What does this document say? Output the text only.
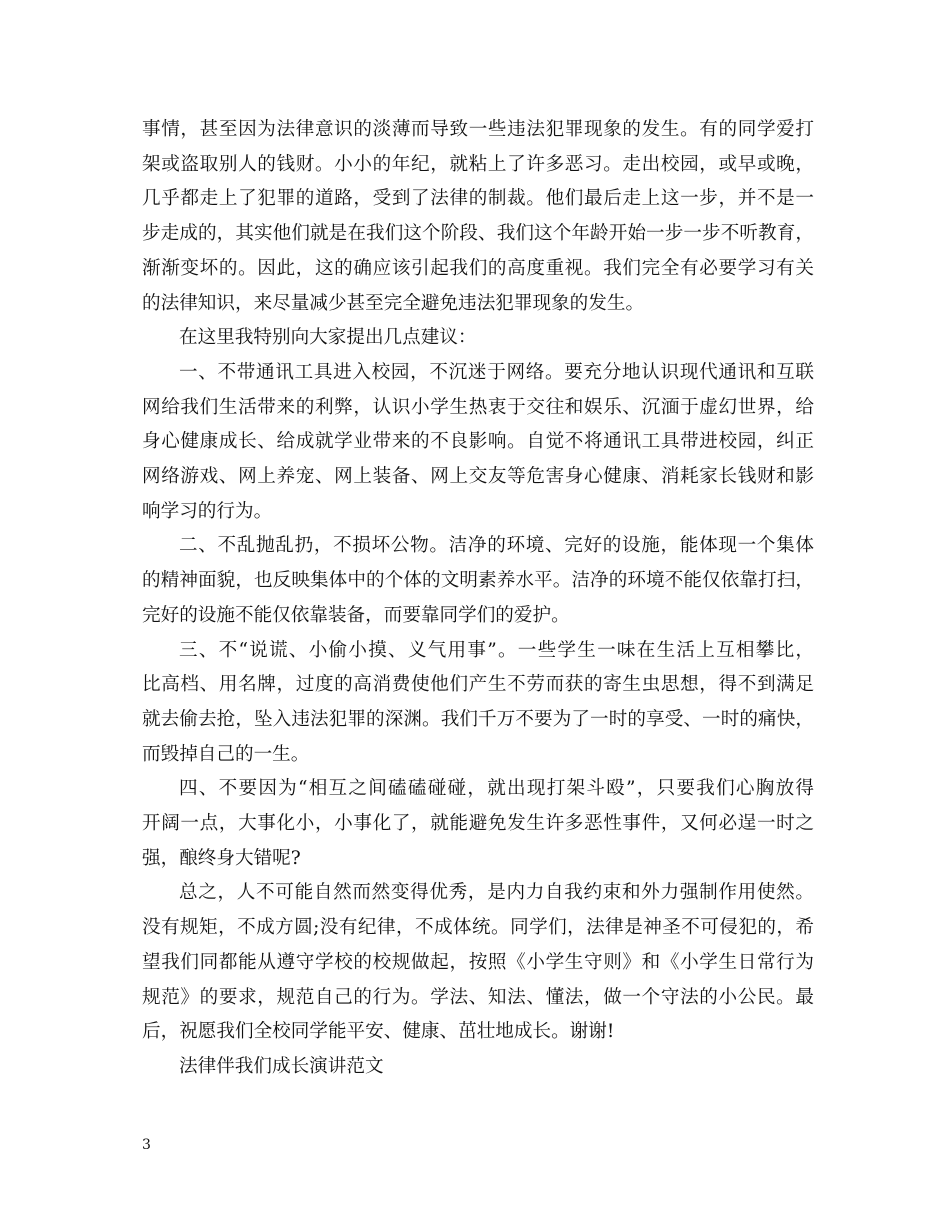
事情，甚至因为法律意识的淡薄而导致一些违法犯罪现象的发生。有的同学爱打
架或盗取别人的钱财。小小的年纪，就粘上了许多恶习。走出校园，或早或晚，
几乎都走上了犯罪的道路，受到了法律的制裁。他们最后走上这一步，并不是一
步走成的，其实他们就是在我们这个阶段、我们这个年龄开始一步一步不听教育，
渐渐变坏的。因此，这的确应该引起我们的高度重视。我们完全有必要学习有关
的法律知识，来尽量减少甚至完全避免违法犯罪现象的发生。
在这里我特别向大家提出几点建议：
一、不带通讯工具进入校园，不沉迷于网络。要充分地认识现代通讯和互联
网给我们生活带来的利弊，认识小学生热衷于交往和娱乐、沉湎于虚幻世界，给
身心健康成长、给成就学业带来的不良影响。自觉不将通讯工具带进校园，纠正
网络游戏、网上养宠、网上装备、网上交友等危害身心健康、消耗家长钱财和影
响学习的行为。
二、不乱抛乱扔，不损坏公物。洁净的环境、完好的设施，能体现一个集体
的精神面貌，也反映集体中的个体的文明素养水平。洁净的环境不能仅依靠打扫，
完好的设施不能仅依靠装备，而要靠同学们的爱护。
三、不“说谎、小偷小摸、义气用事”。一些学生一味在生活上互相攀比，
比高档、用名牌，过度的高消费使他们产生不劳而获的寄生虫思想，得不到满足
就去偷去抢，坠入违法犯罪的深渊。我们千万不要为了一时的享受、一时的痛快，
而毁掉自己的一生。
四、不要因为“相互之间磕磕碰碰，就出现打架斗殴”，只要我们心胸放得
开阔一点，大事化小，小事化了，就能避免发生许多恶性事件，又何必逞一时之
强，酿终身大错呢?
总之，人不可能自然而然变得优秀，是内力自我约束和外力强制作用使然。
没有规矩，不成方圆;没有纪律，不成体统。同学们，法律是神圣不可侵犯的，希
望我们同都能从遵守学校的校规做起，按照《小学生守则》和《小学生日常行为
规范》的要求，规范自己的行为。学法、知法、懂法，做一个守法的小公民。最
后，祝愿我们全校同学能平安、健康、茁壮地成长。谢谢!
法律伴我们成长演讲范文
3
